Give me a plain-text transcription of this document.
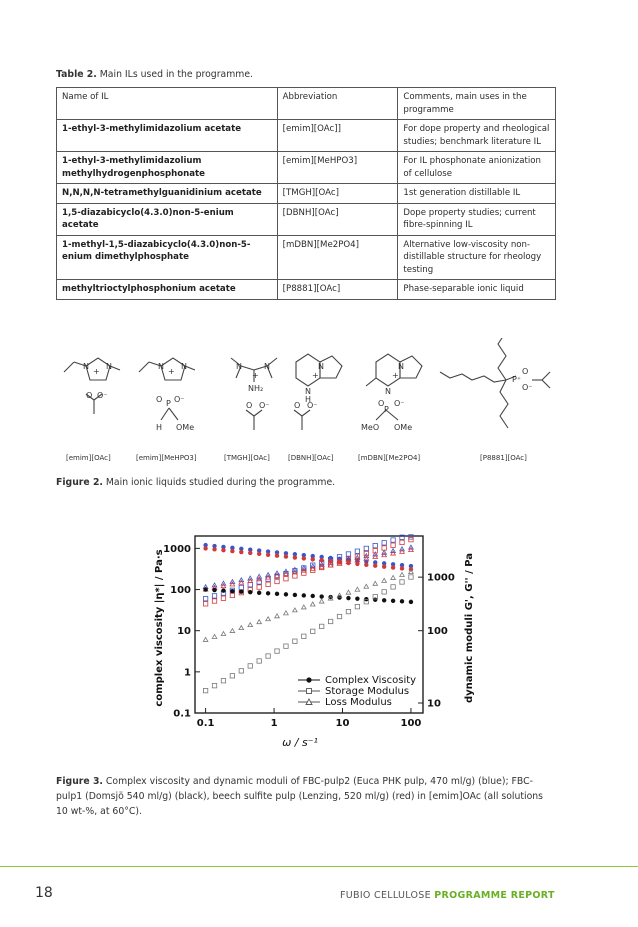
Table 2. Main ILs used in the programme.
Name of IL	Abbreviation	Comments, main uses in the programme
1-ethyl-3-methylimidazolium acetate	[emim][OAc]]	For dope property and rheological studies; benchmark literature IL
1-ethyl-3-methylimidazolium methylhydrogenphosphonate	[emim][MeHPO3]	For IL phosphonate anionization of cellulose
N,N,N,N-tetramethylguanidinium acetate	[TMGH][OAc]	1st generation distillable IL
1,5-diazabicyclo(4.3.0)non-5-enium acetate	[DBNH][OAc]	Dope property studies; current fibre-spinning IL
1-methyl-1,5-diazabicyclo(4.3.0)non-5-enium dimethylphosphate	[mDBN][Me2PO4]	Alternative low-viscosity non-distillable structure for rheology testing
methyltrioctylphosphonium acetate	[P8881][OAc]	Phase-separable ionic liquid
+
N N
O O⁻
+
N N
O P O⁻
H OMe
N	N
+
NH₂
O O⁻
N
+
N
H
O O⁻
N
+
N
O
P
O⁻
MeO OMe
P⁺
O
O⁻
[emim][OAc]	[emim][MeHPO3]	[TMGH][OAc]	[DBNH][OAc]	[mDBN][Me2PO4]	[P8881][OAc]
Figure 2. Main ionic liquids studied during the programme.
0.1
1
10
100
1000
0.1	1	10	100
10
100
1000
Complex Viscosity
Storage Modulus
Loss Modulus
ω / s⁻¹
complex viscosity |η*| / Pa·s	dynamic moduli G', G'' / Pa
Figure 3. Complex viscosity and dynamic moduli of FBC-pulp2 (Euca PHK pulp, 470 ml/g) (blue); FBC-pulp1 (Domsjö 540 ml/g) (black), beech sulfite pulp (Lenzing, 520 ml/g) (red) in [emim]OAc (all solutions 10 wt-%, at 60°C).
18	FUBIO CELLULOSE PROGRAMME REPORT
